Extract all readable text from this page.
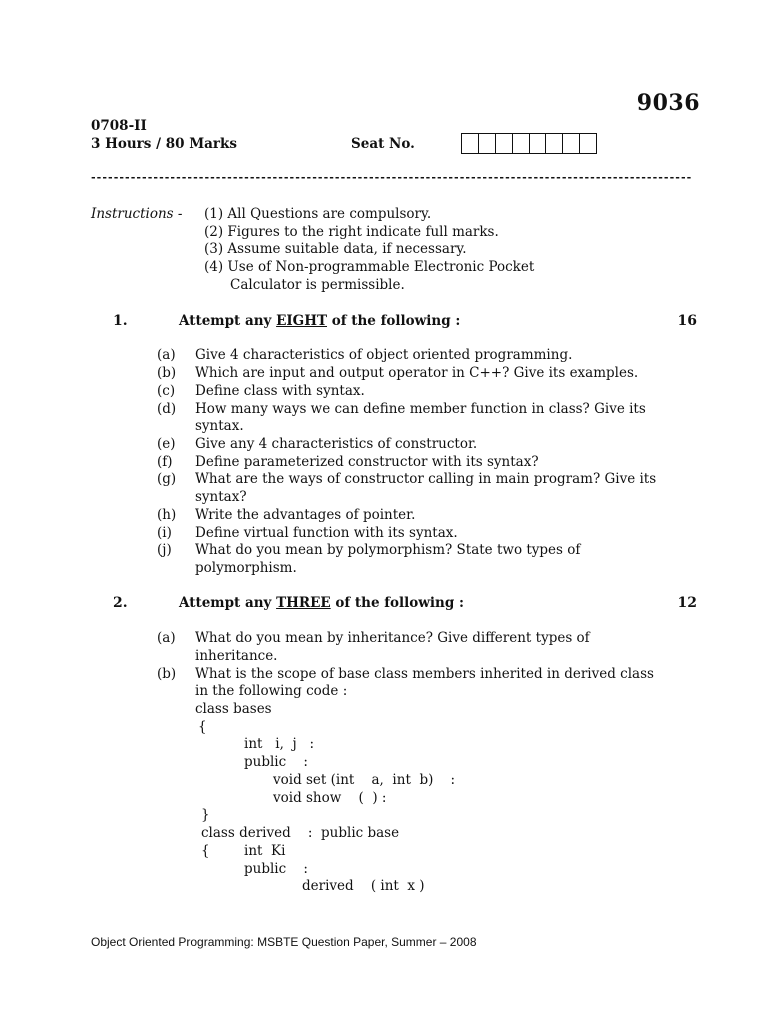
9036
0708-II
3 Hours / 80 Marks	Seat No.
----------------------------------------------------------------------------------------------------------
Instructions - (1) All Questions are compulsory.
(2) Figures to the right indicate full marks.
(3) Assume suitable data, if necessary.
(4) Use of Non-programmable Electronic Pocket
Calculator is permissible.
1.	Attempt any EIGHT of the following :	16
(a) Give 4 characteristics of object oriented programming.
(b) Which are input and output operator in C++? Give its examples.
(c) Define class with syntax.
(d) How many ways we can define member function in class? Give its
syntax.
(e) Give any 4 characteristics of constructor.
(f) Define parameterized constructor with its syntax?
(g) What are the ways of constructor calling in main program? Give its
syntax?
(h) Write the advantages of pointer.
(i) Define virtual function with its syntax.
(j) What do you mean by polymorphism? State two types of
polymorphism.
2.	Attempt any THREE of the following :	12
(a) What do you mean by inheritance? Give different types of
inheritance.
(b) What is the scope of base class members inherited in derived class
in the following code :
class bases
{
int   i,  j   :
public    :
void set (int    a,  int  b)    :
void show    (  ) :
}
class derived    :  public base
{	int  Ki
public    :
derived    ( int  x )
Object Oriented Programming: MSBTE Question Paper, Summer – 2008
